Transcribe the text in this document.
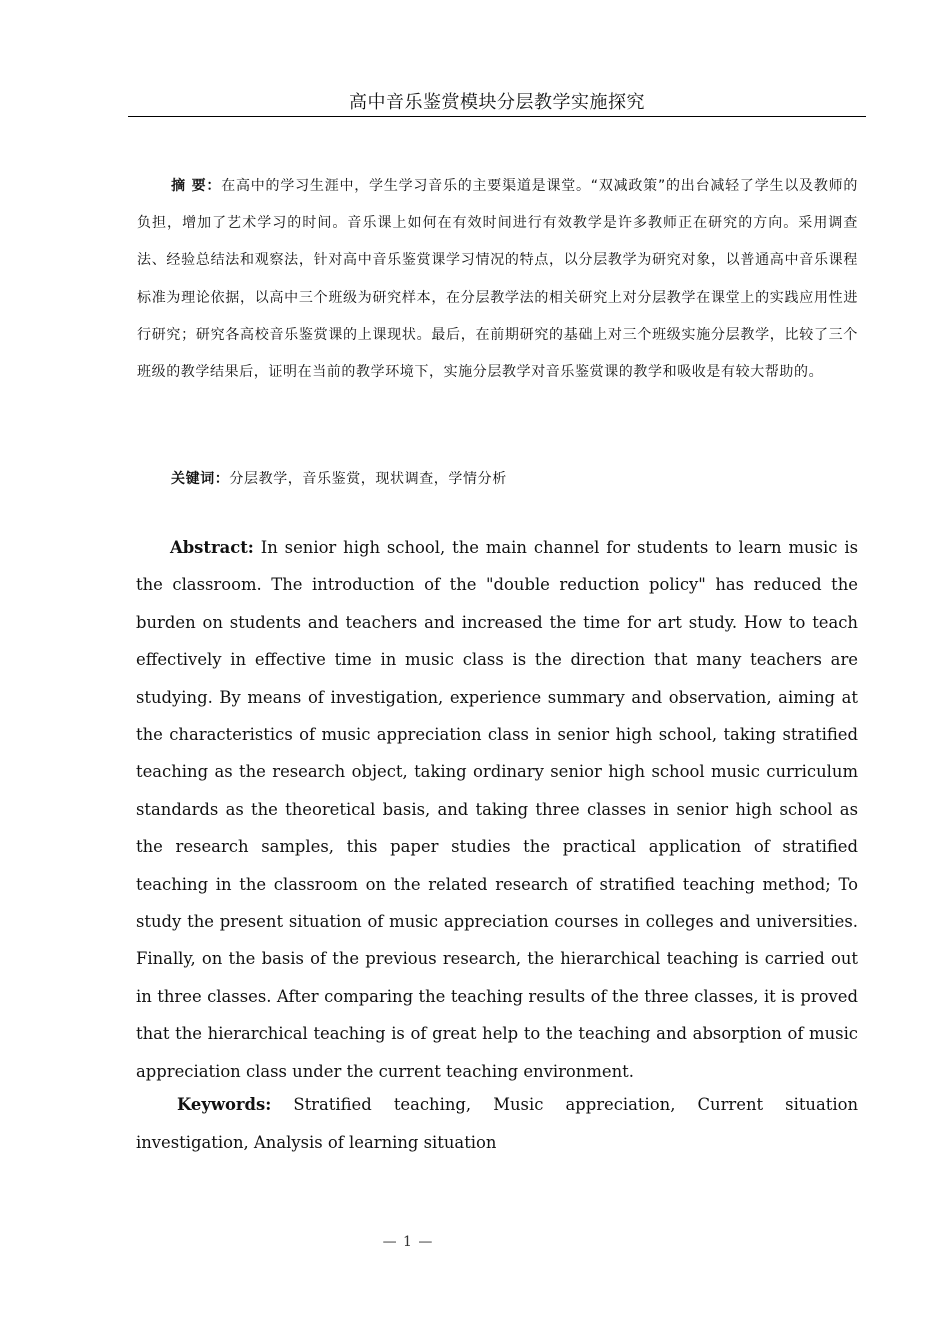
高中音乐鉴赏模块分层教学实施探究
摘 要：在高中的学习生涯中，学生学习音乐的主要渠道是课堂。“双减政策”的出台减轻了学生以及教师的负担，增加了艺术学习的时间。音乐课上如何在有效时间进行有效教学是许多教师正在研究的方向。采用调查法、经验总结法和观察法，针对高中音乐鉴赏课学习情况的特点，以分层教学为研究对象，以普通高中音乐课程标准为理论依据，以高中三个班级为研究样本，在分层教学法的相关研究上对分层教学在课堂上的实践应用性进行研究；研究各高校音乐鉴赏课的上课现状。最后，在前期研究的基础上对三个班级实施分层教学，比较了三个班级的教学结果后，证明在当前的教学环境下，实施分层教学对音乐鉴赏课的教学和吸收是有较大帮助的。
关键词：分层教学，音乐鉴赏，现状调查，学情分析
Abstract: In senior high school, the main channel for students to learn music is the classroom. The introduction of the "double reduction policy" has reduced the burden on students and teachers and increased the time for art study. How to teach effectively in effective time in music class is the direction that many teachers are studying. By means of investigation, experience summary and observation, aiming at the characteristics of music appreciation class in senior high school, taking stratified teaching as the research object, taking ordinary senior high school music curriculum standards as the theoretical basis, and taking three classes in senior high school as the research samples, this paper studies the practical application of stratified teaching in the classroom on the related research of stratified teaching method; To study the present situation of music appreciation courses in colleges and universities. Finally, on the basis of the previous research, the hierarchical teaching is carried out in three classes. After comparing the teaching results of the three classes, it is proved that the hierarchical teaching is of great help to the teaching and absorption of music appreciation class under the current teaching environment.
Keywords: Stratified teaching, Music appreciation, Current situation investigation, Analysis of learning situation
— 1 —
